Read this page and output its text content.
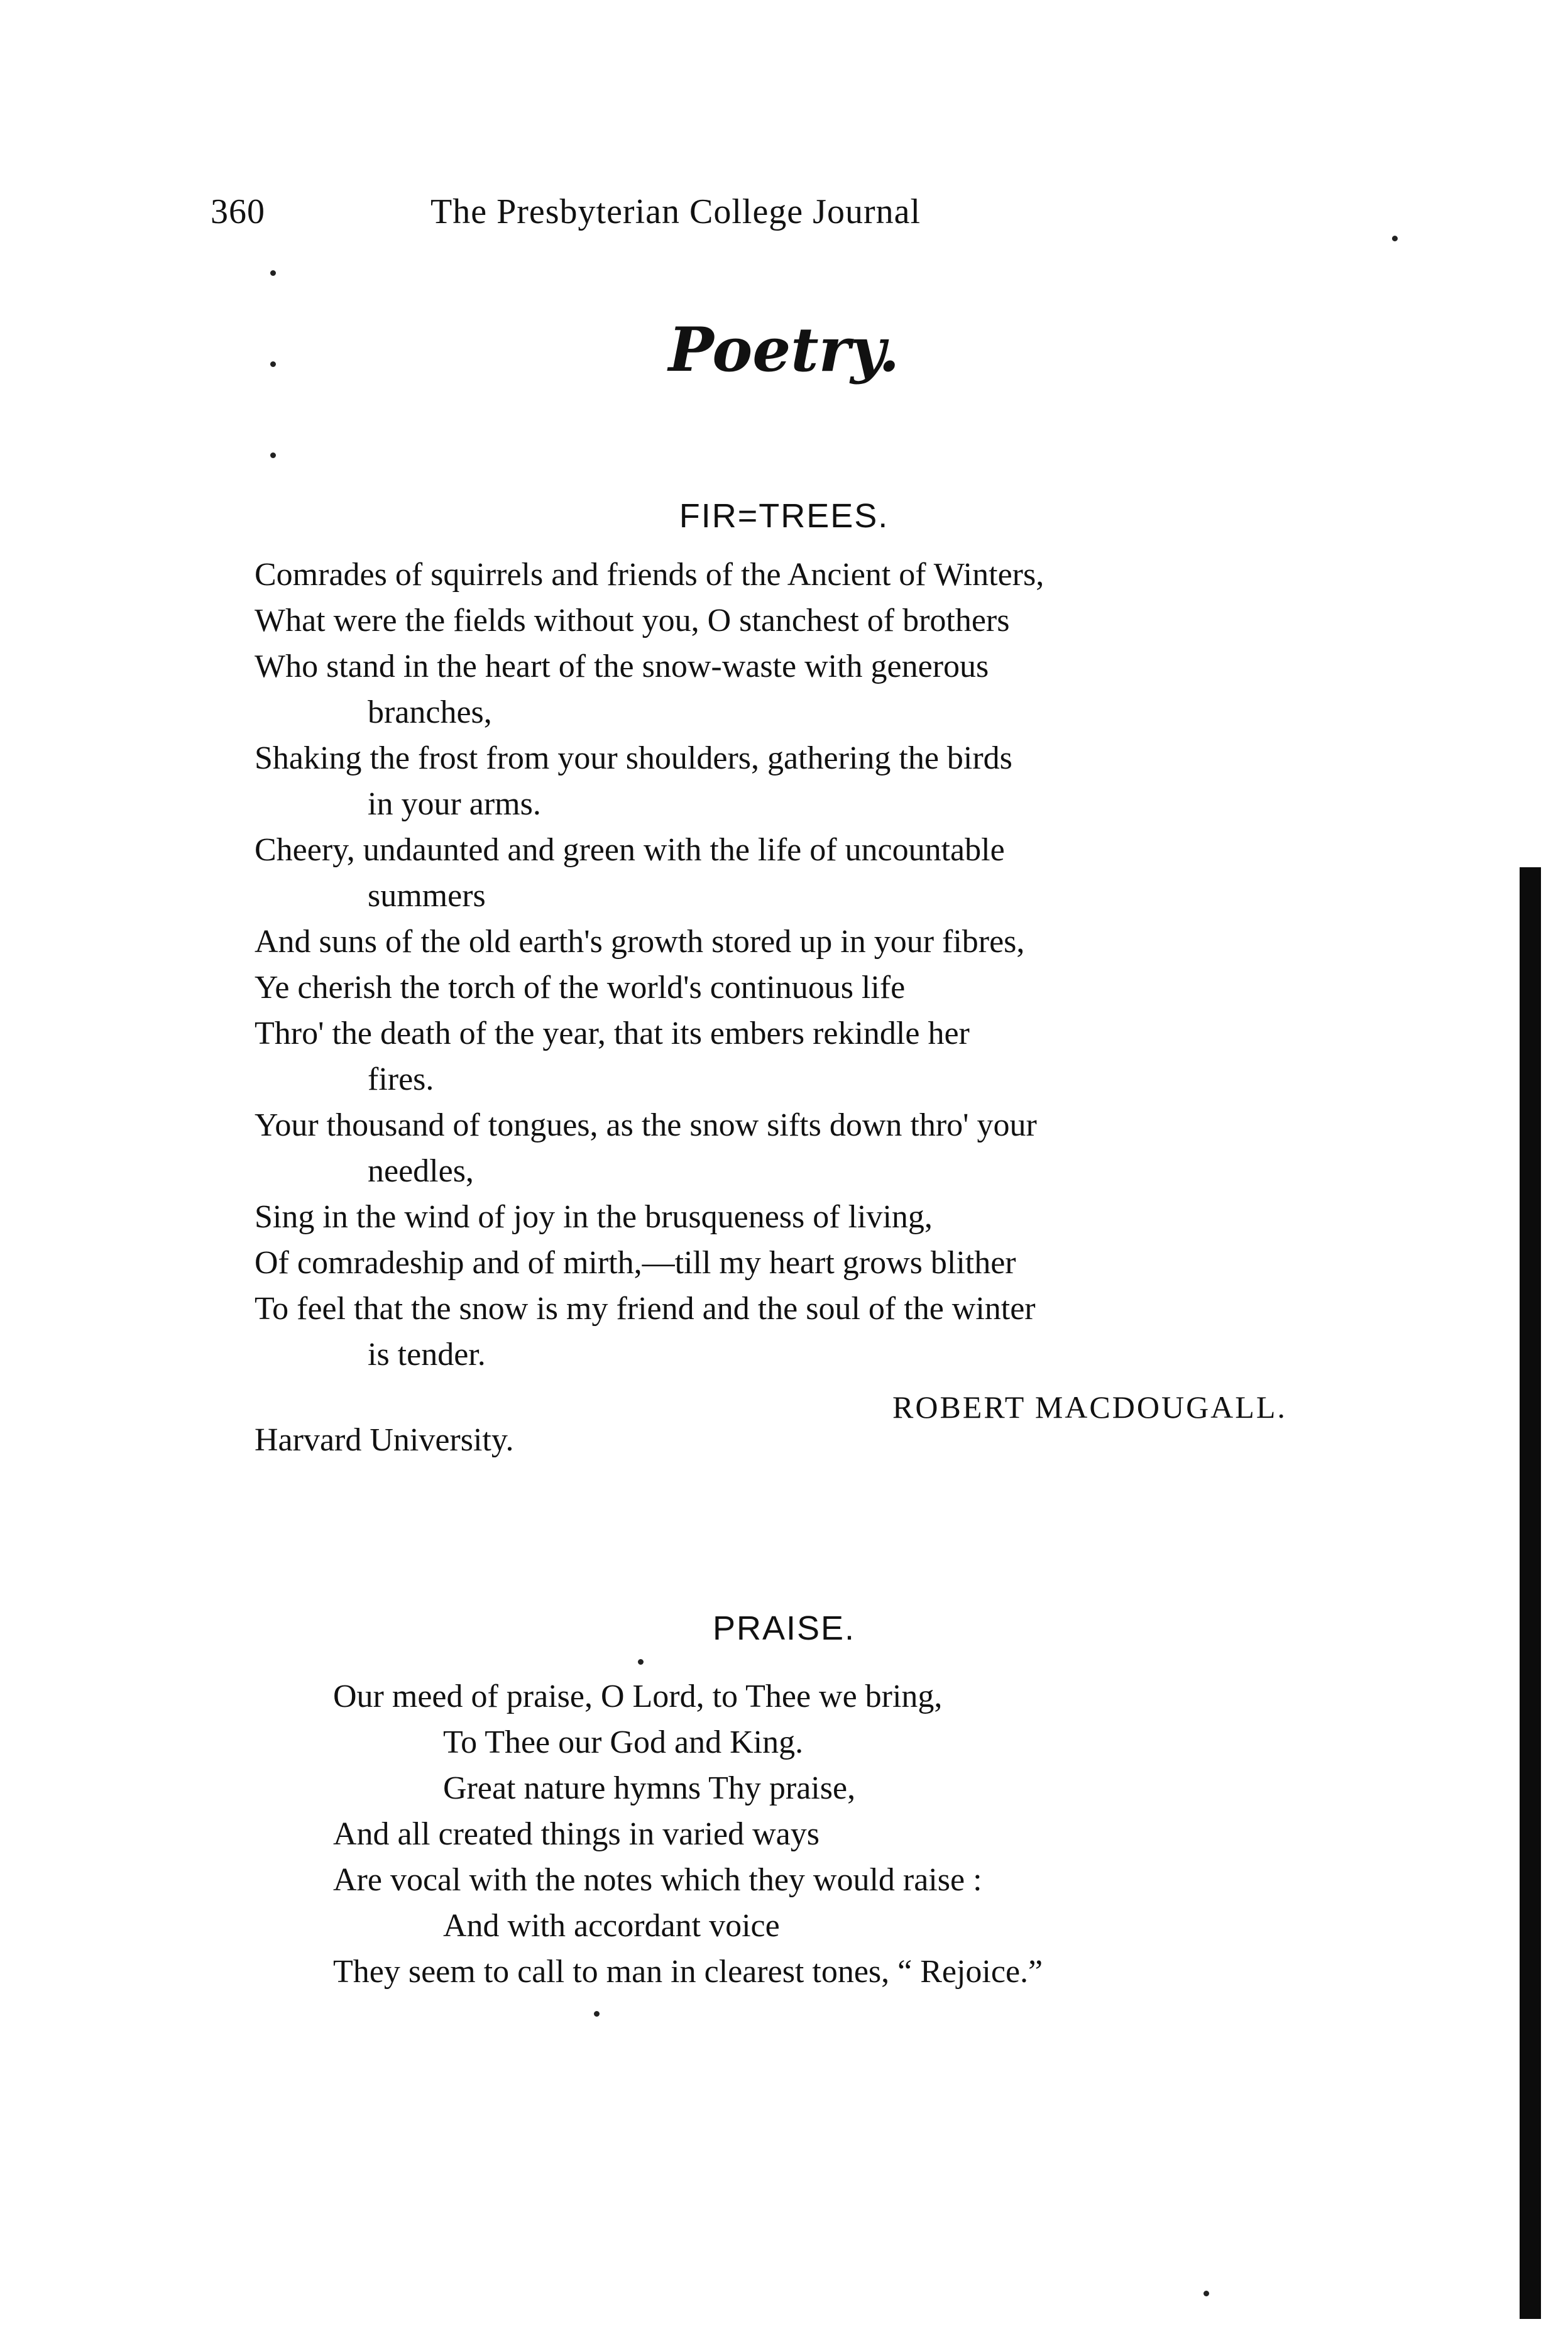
360	The Presbyterian College Journal
Poetry.
FIR=TREES.
Comrades of squirrels and friends of the Ancient of Winters,
What were the fields without you, O stanchest of brothers
Who stand in the heart of the snow-waste with generous
branches,
Shaking the frost from your shoulders, gathering the birds
in your arms.
Cheery, undaunted and green with the life of uncountable
summers
And suns of the old earth's growth stored up in your fibres,
Ye cherish the torch of the world's continuous life
Thro' the death of the year, that its embers rekindle her
fires.
Your thousand of tongues, as the snow sifts down thro' your
needles,
Sing in the wind of joy in the brusqueness of living,
Of comradeship and of mirth,—till my heart grows blither
To feel that the snow is my friend and the soul of the winter
is tender.
ROBERT MACDOUGALL.
Harvard University.
PRAISE.
Our meed of praise, O Lord, to Thee we bring,
To Thee our God and King.
Great nature hymns Thy praise,
And all created things in varied ways
Are vocal with the notes which they would raise :
And with accordant voice
They seem to call to man in clearest tones, “ Rejoice.”
